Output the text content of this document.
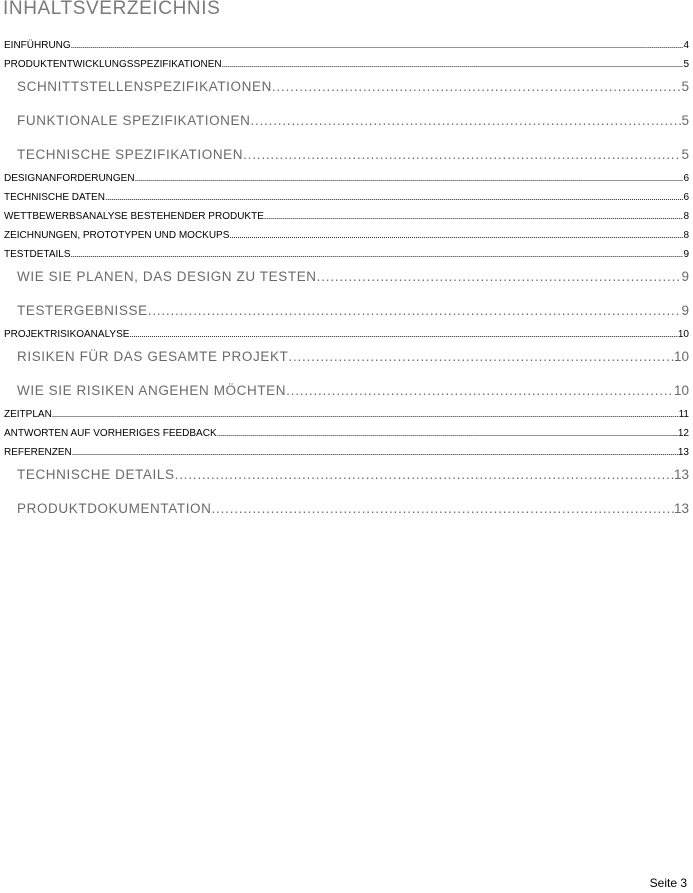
INHALTSVERZEICHNIS
EINFÜHRUNG .....	4
PRODUKTENTWICKLUNGSSPEZIFIKATIONEN .....	5
SCHNITTSTELLENSPEZIFIKATIONEN .....	5
FUNKTIONALE SPEZIFIKATIONEN .....	5
TECHNISCHE SPEZIFIKATIONEN .....	5
DESIGNANFORDERUNGEN .....	6
TECHNISCHE DATEN .....	6
WETTBEWERBSANALYSE BESTEHENDER PRODUKTE .....	8
ZEICHNUNGEN, PROTOTYPEN UND MOCKUPS .....	8
TESTDETAILS .....	9
WIE SIE PLANEN, DAS DESIGN ZU TESTEN .....	9
TESTERGEBNISSE .....	9
PROJEKTRISIKOANALYSE .....	10
RISIKEN FÜR DAS GESAMTE PROJEKT .....	10
WIE SIE RISIKEN ANGEHEN MÖCHTEN .....	10
ZEITPLAN .....	11
ANTWORTEN AUF VORHERIGES FEEDBACK .....	12
REFERENZEN .....	13
TECHNISCHE DETAILS .....	13
PRODUKTDOKUMENTATION .....	13
Seite 3
